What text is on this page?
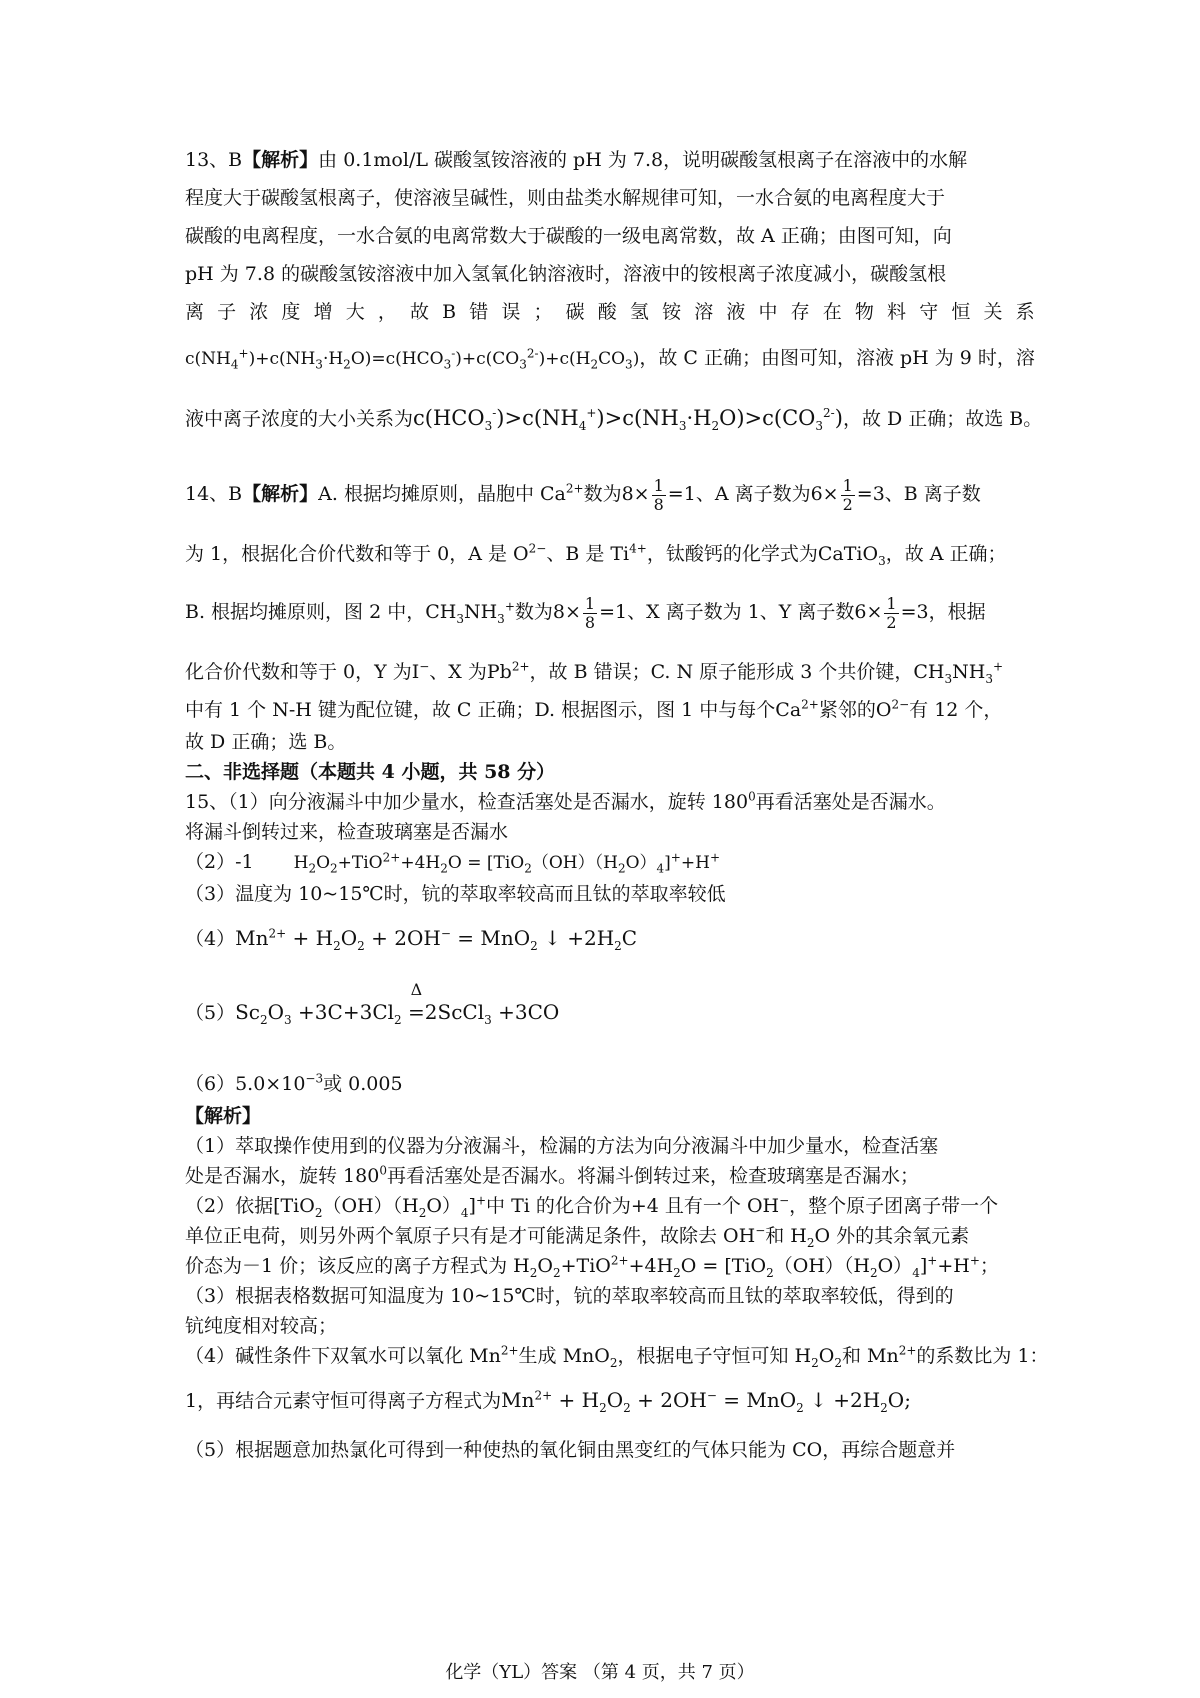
13、B【解析】由 0.1mol/L 碳酸氢铵溶液的 pH 为 7.8，说明碳酸氢根离子在溶液中的水解
程度大于碳酸氢根离子，使溶液呈碱性，则由盐类水解规律可知，一水合氨的电离程度大于
碳酸的电离程度，一水合氨的电离常数大于碳酸的一级电离常数，故 A 正确；由图可知，向
pH 为 7.8 的碳酸氢铵溶液中加入氢氧化钠溶液时，溶液中的铵根离子浓度减小，碳酸氢根
离 子 浓 度 增 大 ， 故 B 错 误 ； 碳 酸 氢 铵 溶 液 中 存 在 物 料 守 恒 关 系
$c(NH_4^+)+c(NH_3\cdot H_2O)=c(HCO_3^-)+c(CO_3^{2-})+c(H_2CO_3)$，故 C 正确；由图可知，溶液 pH 为 9 时，溶
液中离子浓度的大小关系为$c(HCO_3^-)>c(NH_4^+)>c(NH_3\cdot H_2O)>c(CO_3^{2-})$，故 D 正确；故选 B。
14、B【解析】A. 根据均摊原则，晶胞中 $Ca^{2+}$数为$8\times \frac{1}{8} =1$、A 离子数为$6\times \frac{1}{2} =3$、B 离子数
为 1，根据化合价代数和等于 0，A 是 $O^{2-}$、B 是 $Ti^{4+}$，钛酸钙的化学式为CaTiO$_3$，故 A 正确；
B. 根据均摊原则，图 2 中，$CH_3NH_3^+$数为$8\times \frac{1}{8} =1$、X 离子数为 1、Y 离子数$6\times \frac{1}{2} =3$，根据
化合价代数和等于 0，Y 为I−、X 为$Pb^{2+}$，故 B 错误；C. N 原子能形成 3 个共价键，$CH_3NH_3^+$
中有 1 个 N-H 键为配位键，故 C 正确；D. 根据图示，图 1 中与每个$Ca^{2+}$紧邻的$O^{2-}$有 12 个，
故 D 正确；选 B。
二、非选择题（本题共 4 小题，共 58 分）
15、（1）向分液漏斗中加少量水，检查活塞处是否漏水，旋转 $180^0$再看活塞处是否漏水。
将漏斗倒转过来，检查玻璃塞是否漏水
（2）-1 $H_2O_2+TiO^{2+}+4H_2O = [TiO_2(OH)(H_2O)_4]^++H^+$
（3）温度为 10~15℃时，钪的萃取率较高而且钛的萃取率较低
$(4)Mn^{2+} + H_2O_2 + 2OH^- = MnO_2$ ↓ $+2H_2C$
$(5)Sc_2O_3 +3C+3Cl_2$
Δ
=2ScCl$_3$ +3CO
$(6)5.0\times 10^{-3}$或 0.005
【解析】
（1）萃取操作使用到的仪器为分液漏斗，检漏的方法为向分液漏斗中加少量水，检查活塞
处是否漏水，旋转 $180^0$再看活塞处是否漏水。将漏斗倒转过来，检查玻璃塞是否漏水；
（2）依据$[TiO_2(OH)(H_2O)_4]^+$中 Ti 的化合价为+4 且有一个 OH−，整个原子团离子带一个
单位正电荷，则另外两个氧原子只有是才可能满足条件，故除去 OH−和 $H_2O$ 外的其余氧元素
价态为－1 价；该反应的离子方程式为 $H_2O_2+TiO^{2+}+4H_2O = [TiO_2(OH)(H_2O)_4]^++H^+$；
（3）根据表格数据可知温度为 10~15℃时，钪的萃取率较高而且钛的萃取率较低，得到的
钪纯度相对较高；
（4）碱性条件下双氧水可以氧化 $Mn^{2+}$生成 MnO$_2$，根据电子守恒可知 $H_2O_2$和 $Mn^{2+}$的系数比为 1：
1，再结合元素守恒可得离子方程式为$Mn^{2+} + H_2O_2 + 2OH^- = MnO_2$ ↓ $+2H_2O$;
（5）根据题意加热氯化可得到一种使热的氧化铜由黑变红的气体只能为 CO，再综合题意并
化学（YL）答案 （第 4 页，共 7 页）
